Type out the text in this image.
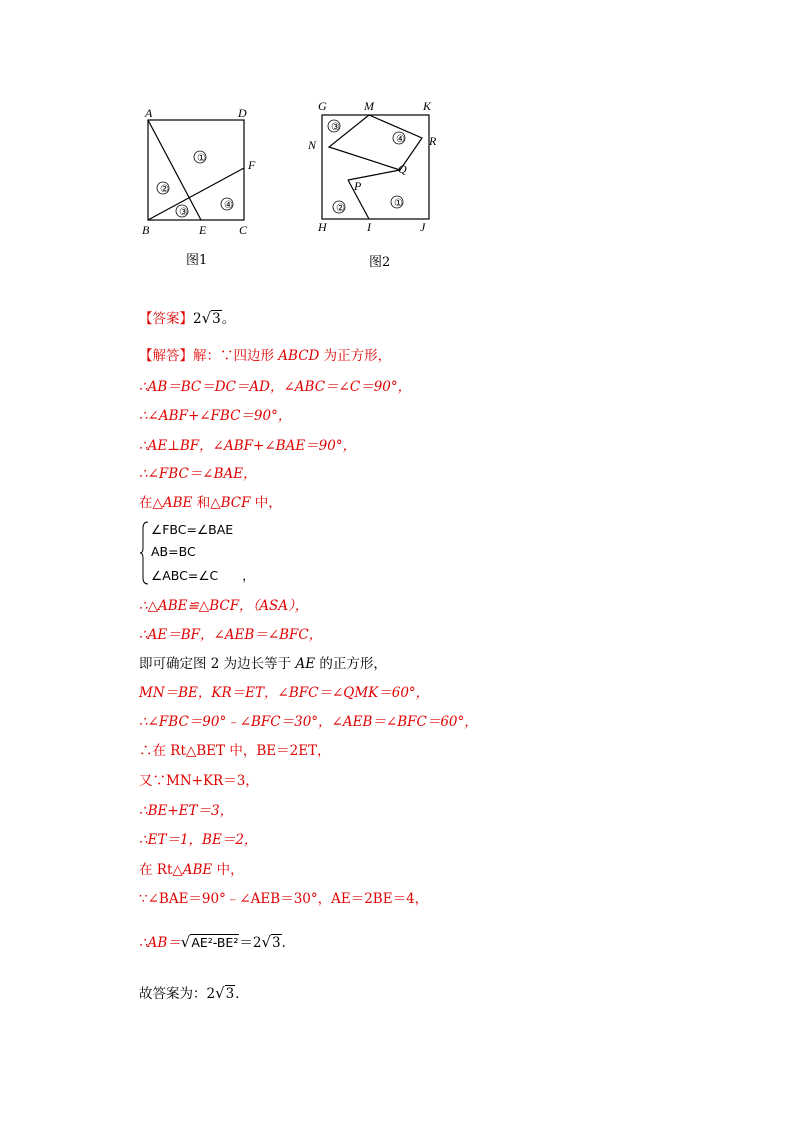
A	D
F
B	E	C
①
②
③
④
图1
G	M	K
N	R
Q
P
H	I	J
③
④
②	①
图2
【答案】2√3。
【解答】解：∵四边形 ABCD 为正方形，
∴AB＝BC＝DC＝AD，∠ABC＝∠C＝90°，
∴∠ABF+∠FBC＝90°，
∴AE⊥BF，∠ABF+∠BAE＝90°，
∴∠FBC＝∠BAE，
在△ABE 和△BCF 中，
∠FBC=∠BAE
AB=BC
∠ABC=∠C ，
∴△ABE≌△BCF，（ASA），
∴AE＝BF，∠AEB＝∠BFC，
即可确定图 2 为边长等于 AE 的正方形，
MN＝BE，KR＝ET，∠BFC＝∠QMK＝60°，
∴∠FBC＝90°﹣∠BFC＝30°，∠AEB＝∠BFC＝60°，
∴在 Rt△BET 中，BE＝2ET，
又∵MN+KR＝3，
∴BE+ET＝3，
∴ET＝1，BE＝2，
在 Rt△ABE 中，
∵∠BAE＝90°﹣∠AEB＝30°，AE＝2BE＝4，
∴AB＝√AE²-BE²＝2√3．
故答案为：2√3．
